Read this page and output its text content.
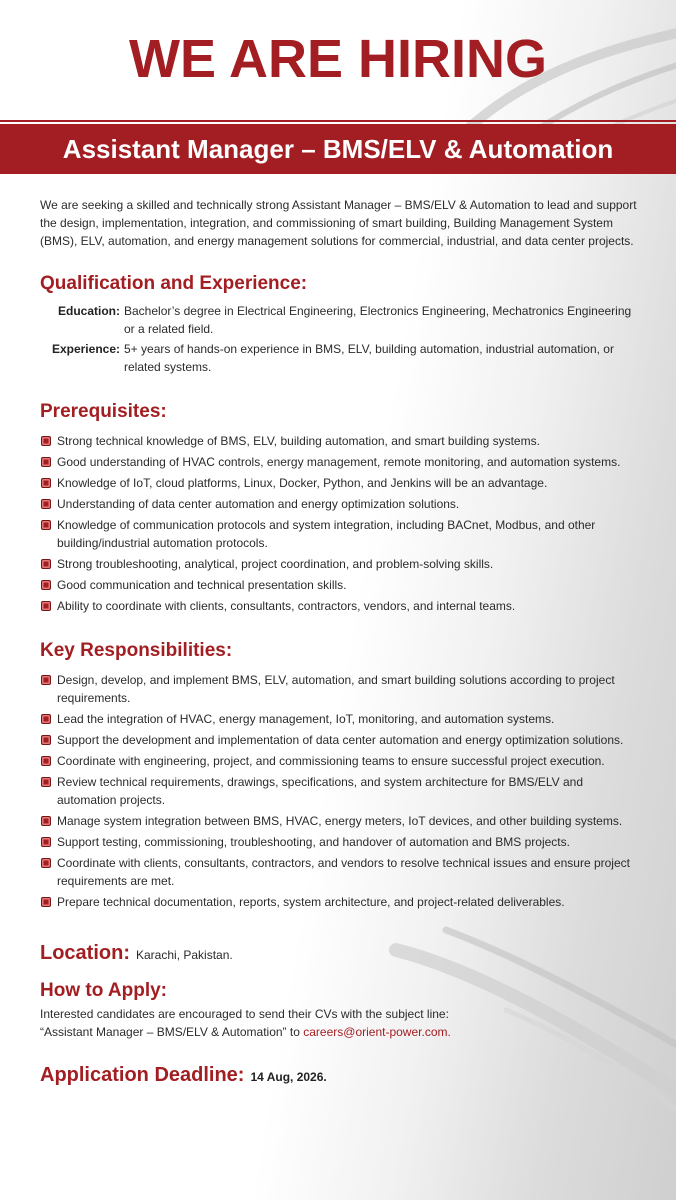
WE ARE HIRING
Assistant Manager – BMS/ELV & Automation

We are seeking a skilled and technically strong Assistant Manager – BMS/ELV & Automation to lead and support the design, implementation, integration, and commissioning of smart building, Building Management System (BMS), ELV, automation, and energy management solutions for commercial, industrial, and data center projects.

Qualification and Experience:
Education: Bachelor’s degree in Electrical Engineering, Electronics Engineering, Mechatronics Engineering or a related field.
Experience: 5+ years of hands-on experience in BMS, ELV, building automation, industrial automation, or related systems.
Prerequisites:
Strong technical knowledge of BMS, ELV, building automation, and smart building systems.
Good understanding of HVAC controls, energy management, remote monitoring, and automation systems.
Knowledge of IoT, cloud platforms, Linux, Docker, Python, and Jenkins will be an advantage.
Understanding of data center automation and energy optimization solutions.
Knowledge of communication protocols and system integration, including BACnet, Modbus, and other building/industrial automation protocols.
Strong troubleshooting, analytical, project coordination, and problem-solving skills.
Good communication and technical presentation skills.
Ability to coordinate with clients, consultants, contractors, vendors, and internal teams.
Key Responsibilities:
Design, develop, and implement BMS, ELV, automation, and smart building solutions according to project requirements.
Lead the integration of HVAC, energy management, IoT, monitoring, and automation systems.
Support the development and implementation of data center automation and energy optimization solutions.
Coordinate with engineering, project, and commissioning teams to ensure successful project execution.
Review technical requirements, drawings, specifications, and system architecture for BMS/ELV and automation projects.
Manage system integration between BMS, HVAC, energy meters, IoT devices, and other building systems.
Support testing, commissioning, troubleshooting, and handover of automation and BMS projects.
Coordinate with clients, consultants, contractors, and vendors to resolve technical issues and ensure project requirements are met.
Prepare technical documentation, reports, system architecture, and project-related deliverables.
Location: Karachi, Pakistan.
How to Apply:

Interested candidates are encouraged to send their CVs with the subject line:
“Assistant Manager – BMS/ELV & Automation” to careers@orient-power.com.

Application Deadline: 14 Aug, 2026.
